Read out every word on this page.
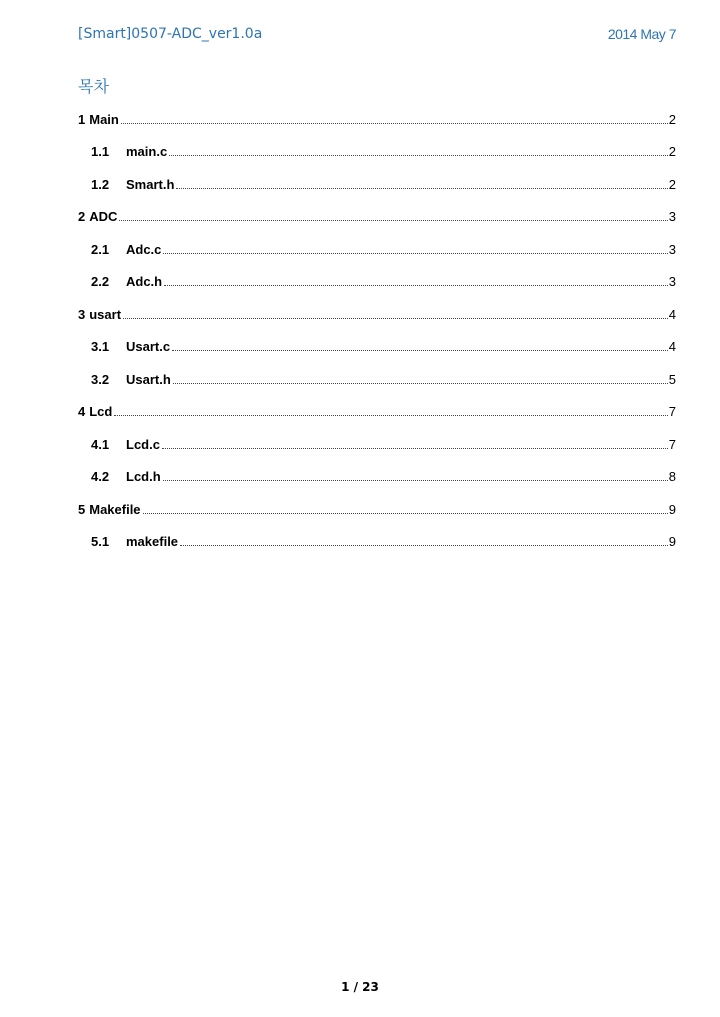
[Smart]0507-ADC_ver1.0a	2014 May 7
목차
1 Main	2
1.1	main.c	2
1.2	Smart.h	2
2 ADC	3
2.1	Adc.c	3
2.2	Adc.h	3
3 usart	4
3.1	Usart.c	4
3.2	Usart.h	5
4 Lcd	7
4.1	Lcd.c	7
4.2	Lcd.h	8
5 Makefile	9
5.1	makefile	9
1 / 23
